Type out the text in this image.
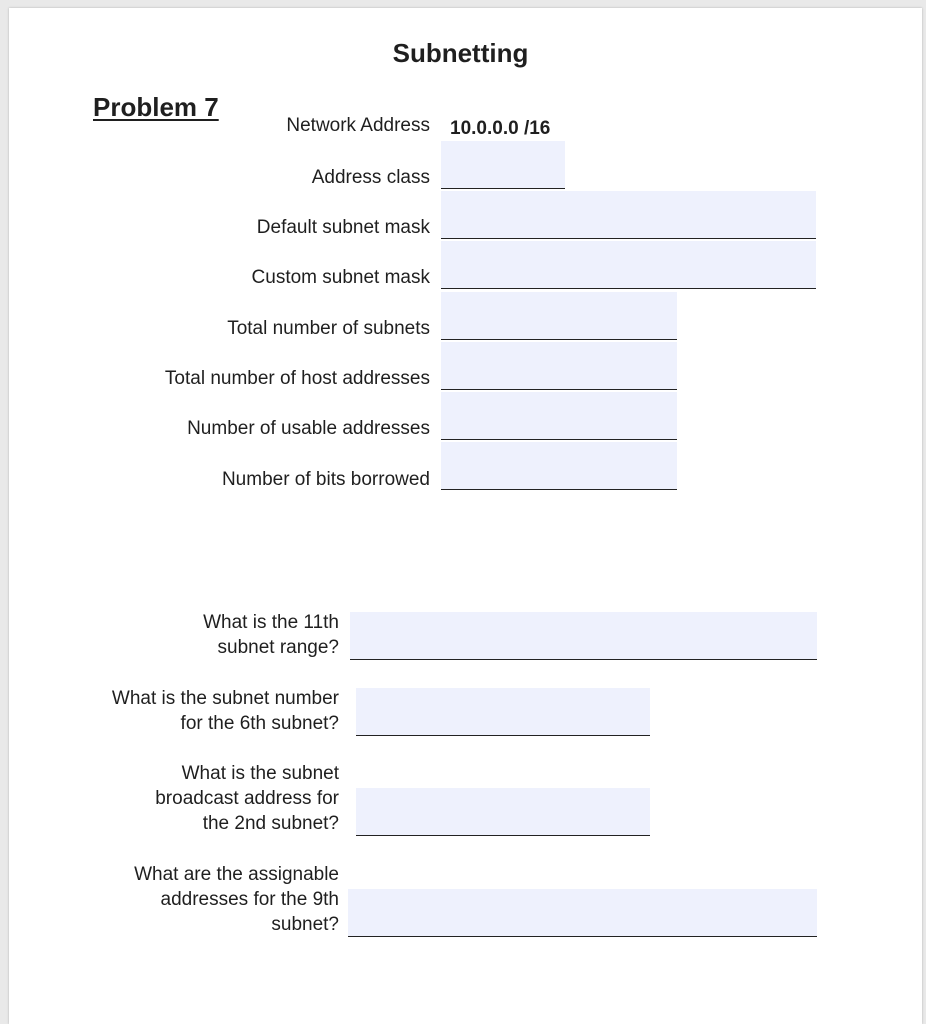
Subnetting
Problem 7
Network Address 10.0.0.0 /16
Address class
Default subnet mask
Custom subnet mask
Total number of subnets
Total number of host addresses
Number of usable addresses
Number of bits borrowed
What is the 11th
subnet range?
What is the subnet number
for the 6th subnet?
What is the subnet
broadcast address for
the 2nd subnet?
What are the assignable
addresses for the 9th
subnet?
